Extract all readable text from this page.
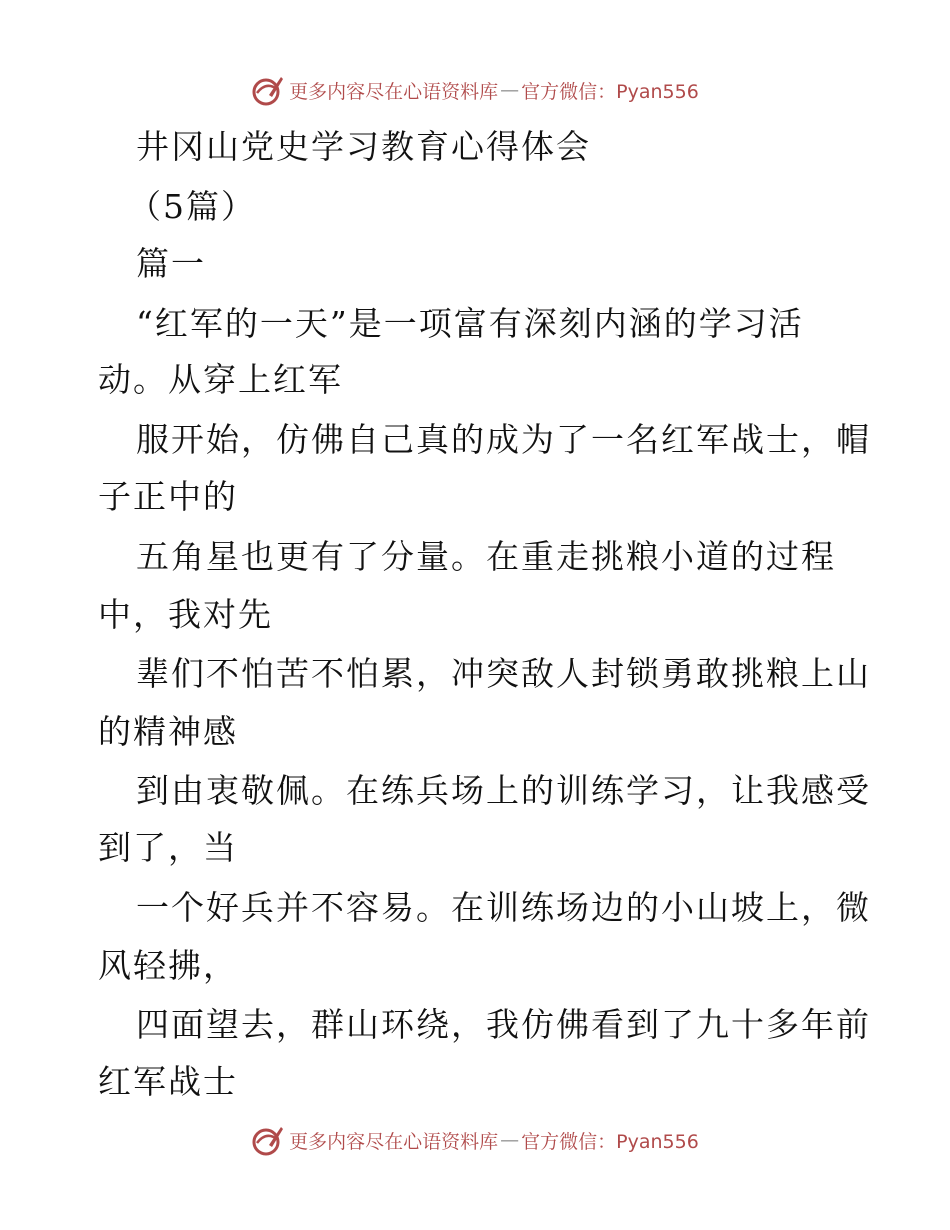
更多内容尽在心语资料库 — 官方微信：Pyan556
井冈山党史学习教育心得体会
（5篇）
篇一
“红军的一天”是一项富有深刻内涵的学习活
动。从穿上红军
服开始，仿佛自己真的成为了一名红军战士，帽
子正中的
五角星也更有了分量。在重走挑粮小道的过程
中，我对先
辈们不怕苦不怕累，冲突敌人封锁勇敢挑粮上山
的精神感
到由衷敬佩。在练兵场上的训练学习，让我感受
到了，当
一个好兵并不容易。在训练场边的小山坡上，微
风轻拂，
四面望去，群山环绕，我仿佛看到了九十多年前
红军战士
更多内容尽在心语资料库 — 官方微信：Pyan556
